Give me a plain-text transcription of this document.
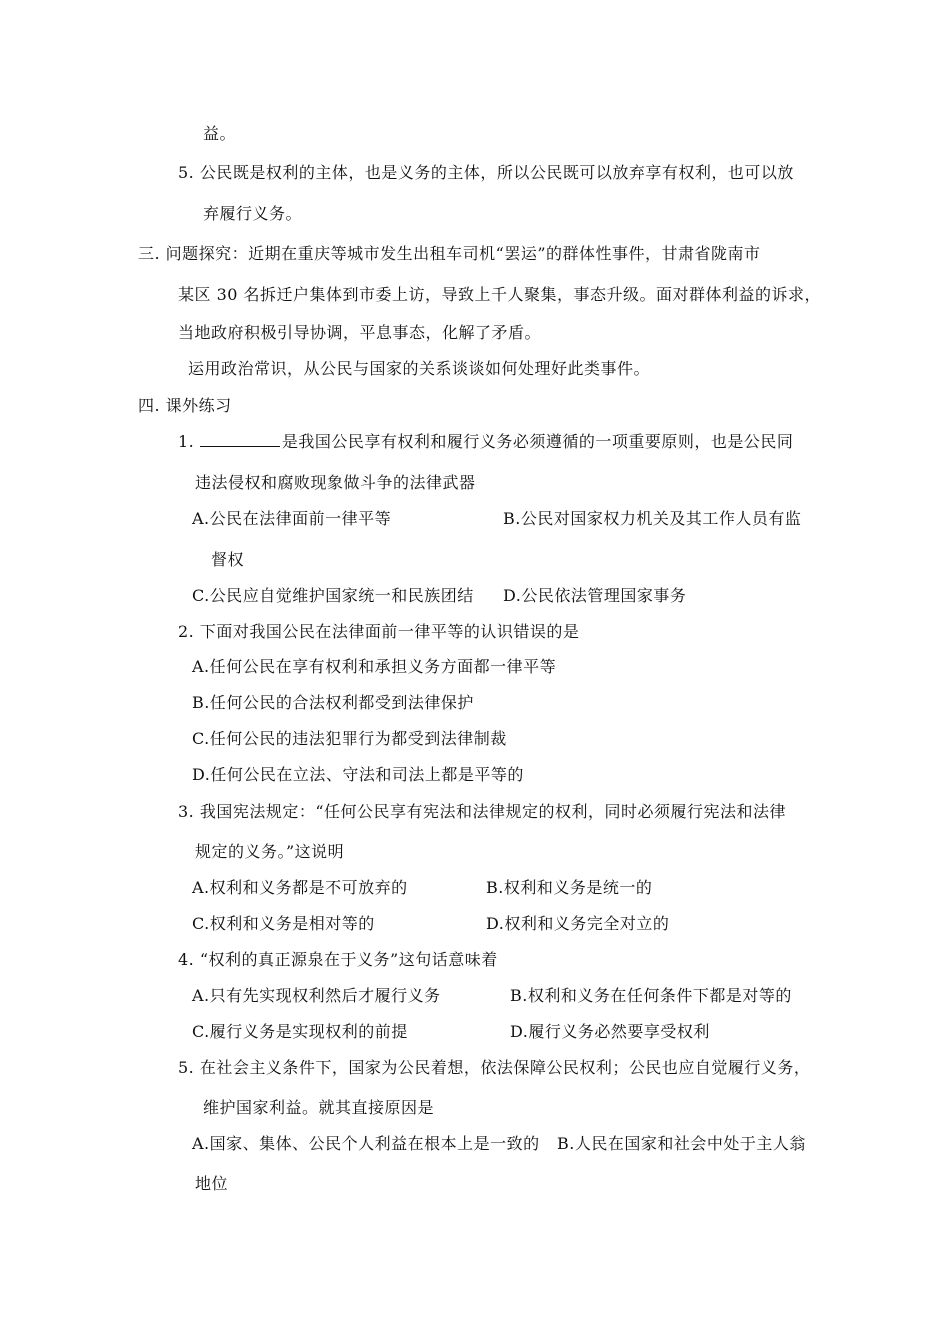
益。
5. 公民既是权利的主体，也是义务的主体，所以公民既可以放弃享有权利，也可以放
弃履行义务。
三. 问题探究：近期在重庆等城市发生出租车司机“罢运”的群体性事件，甘肃省陇南市
某区 30 名拆迁户集体到市委上访，导致上千人聚集，事态升级。面对群体利益的诉求，
当地政府积极引导协调，平息事态，化解了矛盾。
运用政治常识，从公民与国家的关系谈谈如何处理好此类事件。
四. 课外练习
1.	是我国公民享有权利和履行义务必须遵循的一项重要原则，也是公民同
违法侵权和腐败现象做斗争的法律武器
A.公民在法律面前一律平等	B.公民对国家权力机关及其工作人员有监
督权
C.公民应自觉维护国家统一和民族团结 D.公民依法管理国家事务
2. 下面对我国公民在法律面前一律平等的认识错误的是
A.任何公民在享有权利和承担义务方面都一律平等
B.任何公民的合法权利都受到法律保护
C.任何公民的违法犯罪行为都受到法律制裁
D.任何公民在立法、守法和司法上都是平等的
3. 我国宪法规定：“任何公民享有宪法和法律规定的权利，同时必须履行宪法和法律
规定的义务。”这说明
A.权利和义务都是不可放弃的	B.权利和义务是统一的
C.权利和义务是相对等的	D.权利和义务完全对立的
4. “权利的真正源泉在于义务”这句话意味着
A.只有先实现权利然后才履行义务	B.权利和义务在任何条件下都是对等的
C.履行义务是实现权利的前提	D.履行义务必然要享受权利
5. 在社会主义条件下，国家为公民着想，依法保障公民权利；公民也应自觉履行义务，
维护国家利益。就其直接原因是
A.国家、集体、公民个人利益在根本上是一致的 B.人民在国家和社会中处于主人翁
地位
